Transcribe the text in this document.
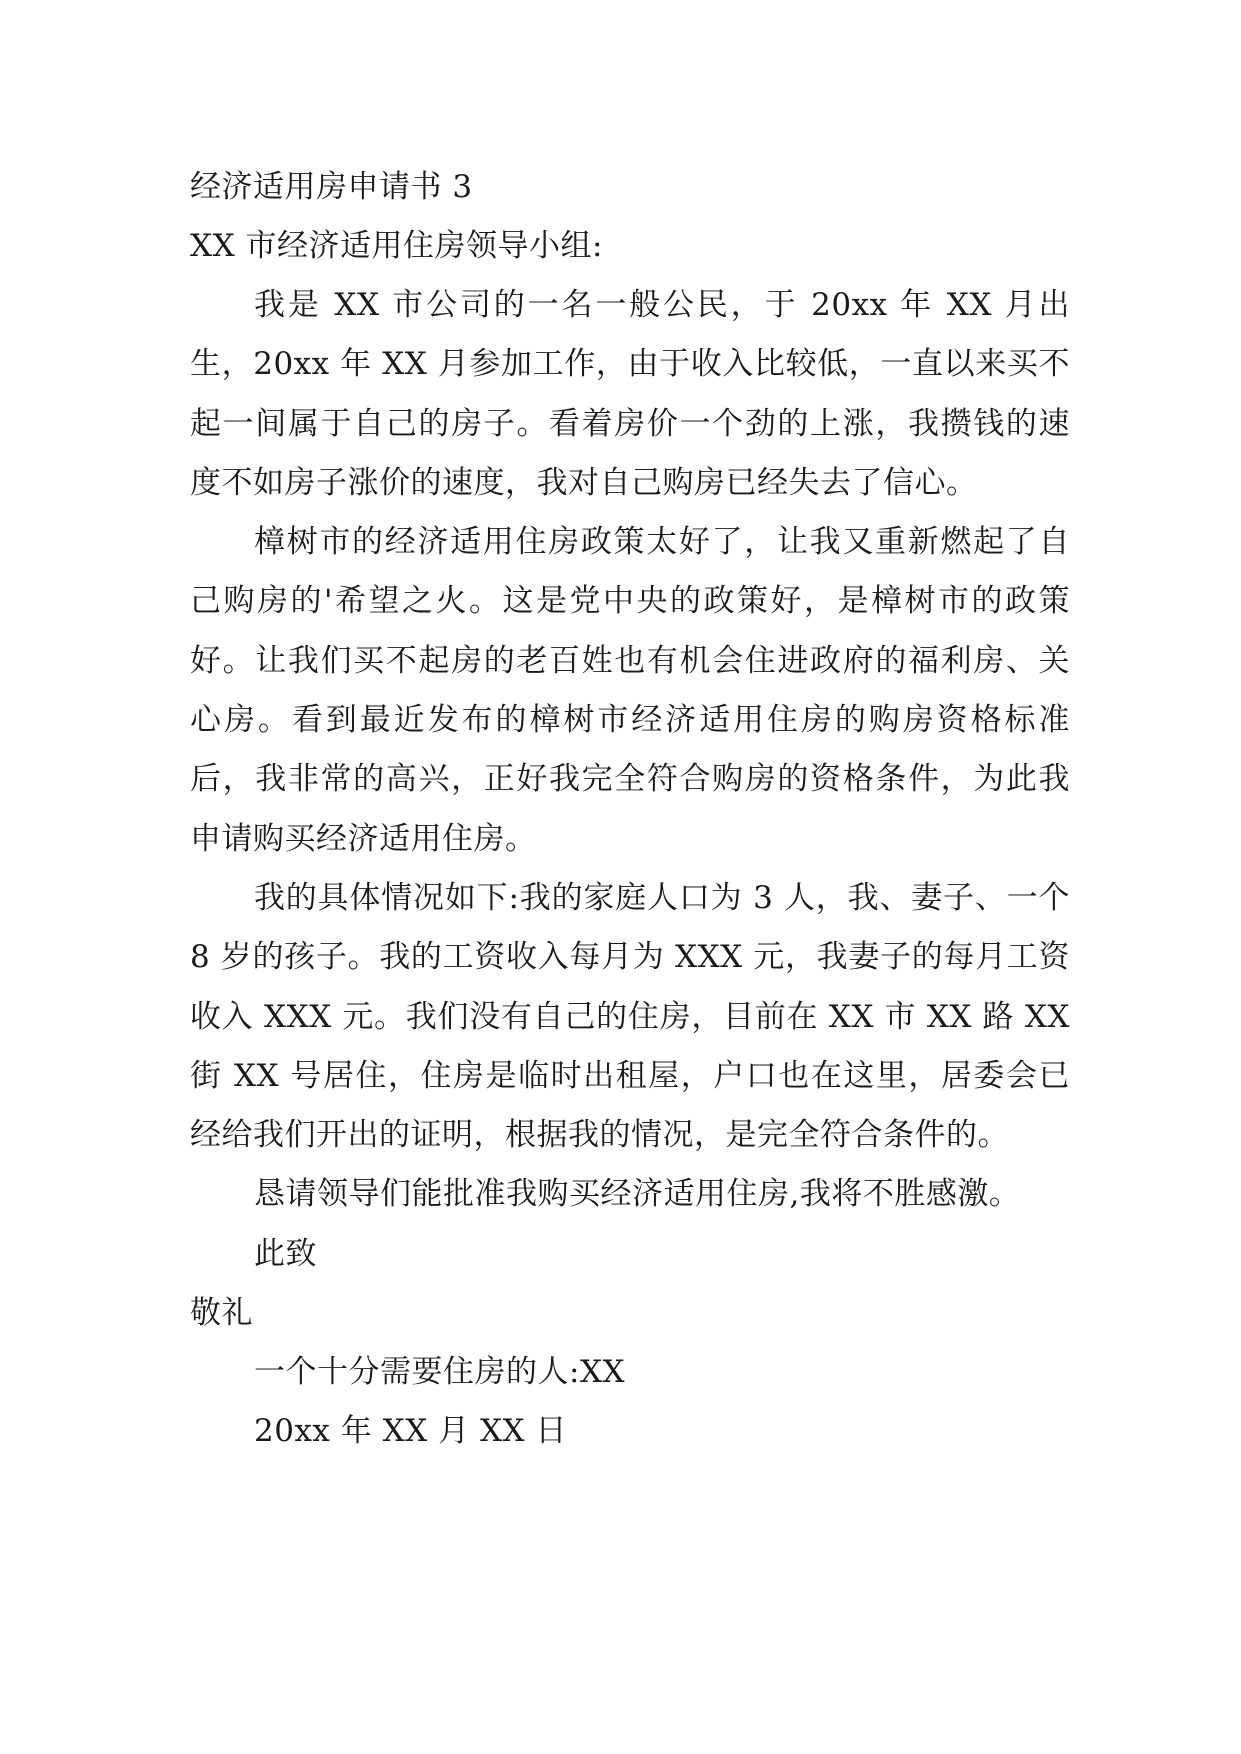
经济适用房申请书 3

XX 市经济适用住房领导小组:

我是 XX 市公司的一名一般公民，于 20xx 年 XX 月出生，20xx 年 XX 月参加工作，由于收入比较低，一直以来买不起一间属于自己的房子。看着房价一个劲的上涨，我攒钱的速度不如房子涨价的速度，我对自己购房已经失去了信心。

樟树市的经济适用住房政策太好了，让我又重新燃起了自己购房的'希望之火。这是党中央的政策好，是樟树市的政策好。让我们买不起房的老百姓也有机会住进政府的福利房、关心房。看到最近发布的樟树市经济适用住房的购房资格标准后，我非常的高兴，正好我完全符合购房的资格条件，为此我申请购买经济适用住房。

我的具体情况如下:我的家庭人口为 3 人，我、妻子、一个 8 岁的孩子。我的工资收入每月为 XXX 元，我妻子的每月工资收入 XXX 元。我们没有自己的住房，目前在 XX 市 XX 路 XX 街 XX 号居住，住房是临时出租屋，户口也在这里，居委会已经给我们开出的证明，根据我的情况，是完全符合条件的。

恳请领导们能批准我购买经济适用住房,我将不胜感激。

此致

敬礼

一个十分需要住房的人:XX

20xx 年 XX 月 XX 日
